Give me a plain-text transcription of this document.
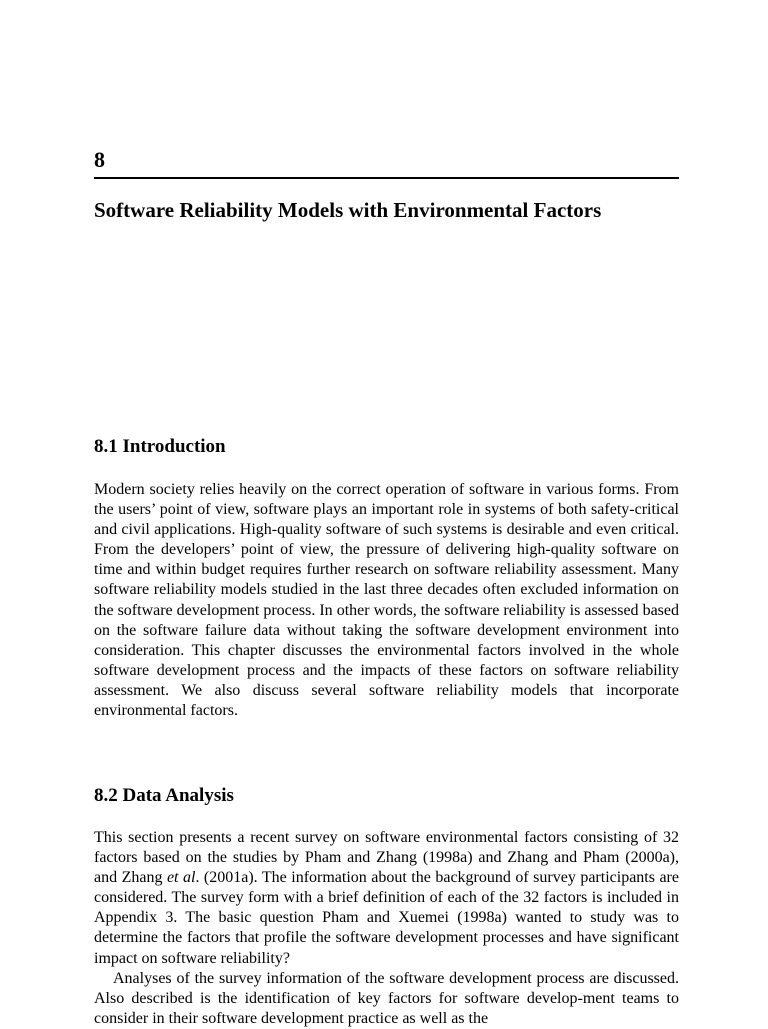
8
Software Reliability Models with Environmental Factors
8.1 Introduction

Modern society relies heavily on the correct operation of software in various forms. From the users’ point of view, software plays an important role in systems of both safety-critical and civil applications. High-quality software of such systems is desirable and even critical. From the developers’ point of view, the pressure of delivering high-quality software on time and within budget requires further research on software reliability assessment. Many software reliability models studied in the last three decades often excluded information on the software development process. In other words, the software reliability is assessed based on the software failure data without taking the software development environment into consideration. This chapter discusses the environmental factors involved in the whole software development process and the impacts of these factors on software reliability assessment. We also discuss several software reliability models that incorporate environmental factors.

8.2 Data Analysis

This section presents a recent survey on software environmental factors consisting of 32 factors based on the studies by Pham and Zhang (1998a) and Zhang and Pham (2000a), and Zhang et al. (2001a). The information about the background of survey participants are considered. The survey form with a brief definition of each of the 32 factors is included in Appendix 3. The basic question Pham and Xuemei (1998a) wanted to study was to determine the factors that profile the software development processes and have significant impact on software reliability?

Analyses of the survey information of the software development process are discussed. Also described is the identification of key factors for software develop-ment teams to consider in their software development practice as well as the
